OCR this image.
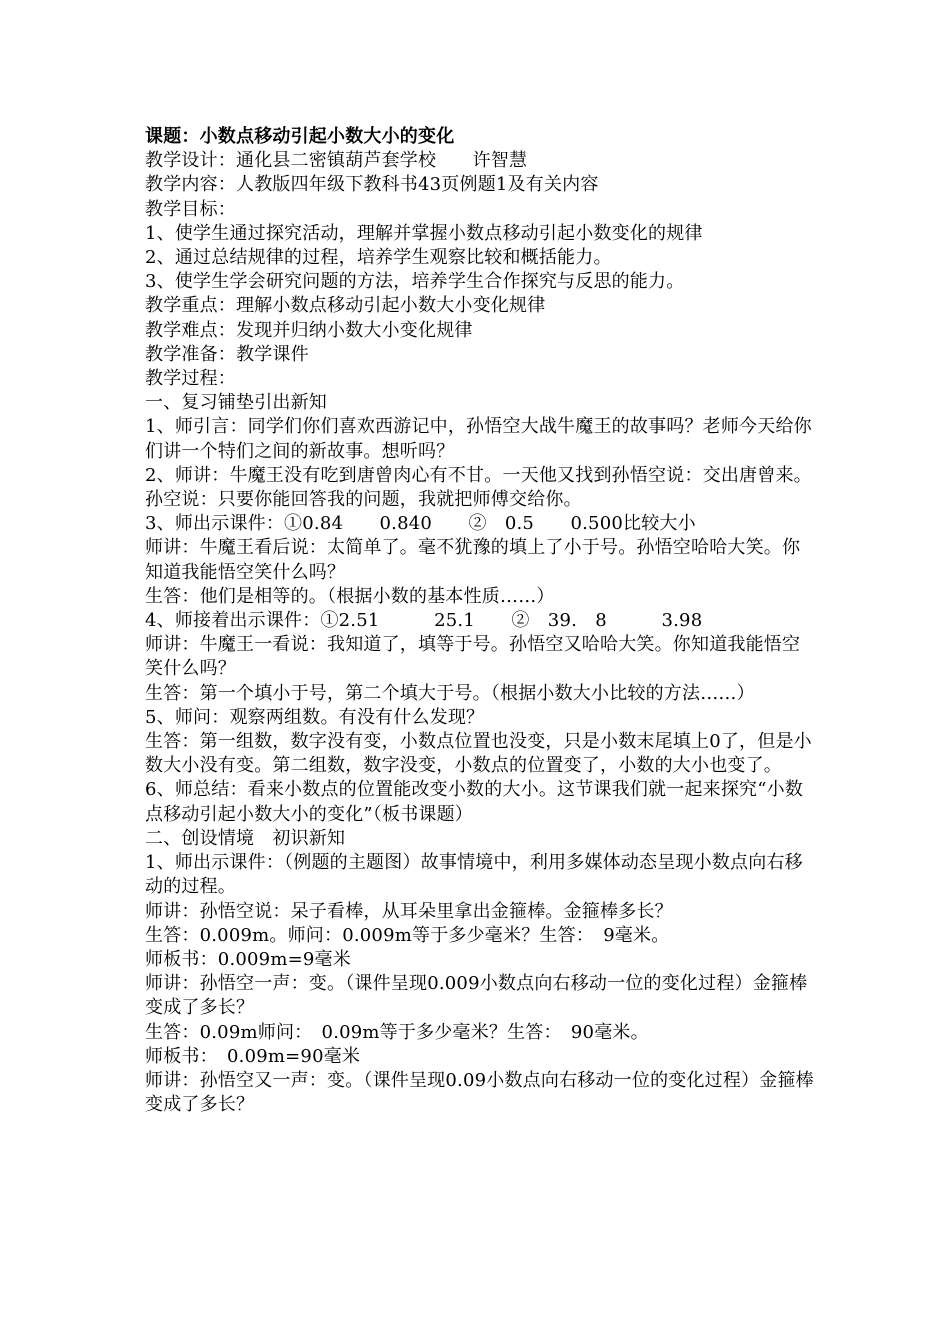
课题：小数点移动引起小数大小的变化

教学设计：通化县二密镇葫芦套学校　　许智慧

教学内容：人教版四年级下教科书43页例题1及有关内容

教学目标：

1、使学生通过探究活动，理解并掌握小数点移动引起小数变化的规律

2、通过总结规律的过程，培养学生观察比较和概括能力。

3、使学生学会研究问题的方法，培养学生合作探究与反思的能力。

教学重点：理解小数点移动引起小数大小变化规律

教学难点：发现并归纳小数大小变化规律

教学准备：教学课件

教学过程：

一、复习铺垫引出新知

1、师引言：同学们你们喜欢西游记中，孙悟空大战牛魔王的故事吗？老师今天给你们讲一个特们之间的新故事。想听吗？

2、师讲：牛魔王没有吃到唐曾肉心有不甘。一天他又找到孙悟空说：交出唐曾来。孙空说：只要你能回答我的问题，我就把师傅交给你。

3、师出示课件：①0.84　　0.840　　②　0.5　　0.500比较大小

师讲：牛魔王看后说：太简单了。毫不犹豫的填上了小于号。孙悟空哈哈大笑。你知道我能悟空笑什么吗？

生答：他们是相等的。（根据小数的基本性质……）

4、师接着出示课件：①2.51　　　25.1　　②　39.　8　　　3.98

师讲：牛魔王一看说：我知道了，填等于号。孙悟空又哈哈大笑。你知道我能悟空笑什么吗？

生答：第一个填小于号，第二个填大于号。（根据小数大小比较的方法……）

5、师问：观察两组数。有没有什么发现？

生答：第一组数，数字没有变，小数点位置也没变，只是小数末尾填上0了，但是小数大小没有变。第二组数，数字没变，小数点的位置变了，小数的大小也变了。

6、师总结：看来小数点的位置能改变小数的大小。这节课我们就一起来探究“小数点移动引起小数大小的变化”（板书课题）

二、创设情境　初识新知

1、师出示课件：（例题的主题图）故事情境中，利用多媒体动态呈现小数点向右移动的过程。

师讲：孙悟空说：呆子看棒，从耳朵里拿出金箍棒。金箍棒多长？

生答：0.009m。师问：0.009m等于多少毫米？生答：　9毫米。

师板书：0.009m=9毫米

师讲：孙悟空一声：变。（课件呈现0.009小数点向右移动一位的变化过程）金箍棒变成了多长？

生答：0.09m师问：　0.09m等于多少毫米？生答：　90毫米。

师板书：　0.09m=90毫米

师讲：孙悟空又一声：变。（课件呈现0.09小数点向右移动一位的变化过程）金箍棒变成了多长？
